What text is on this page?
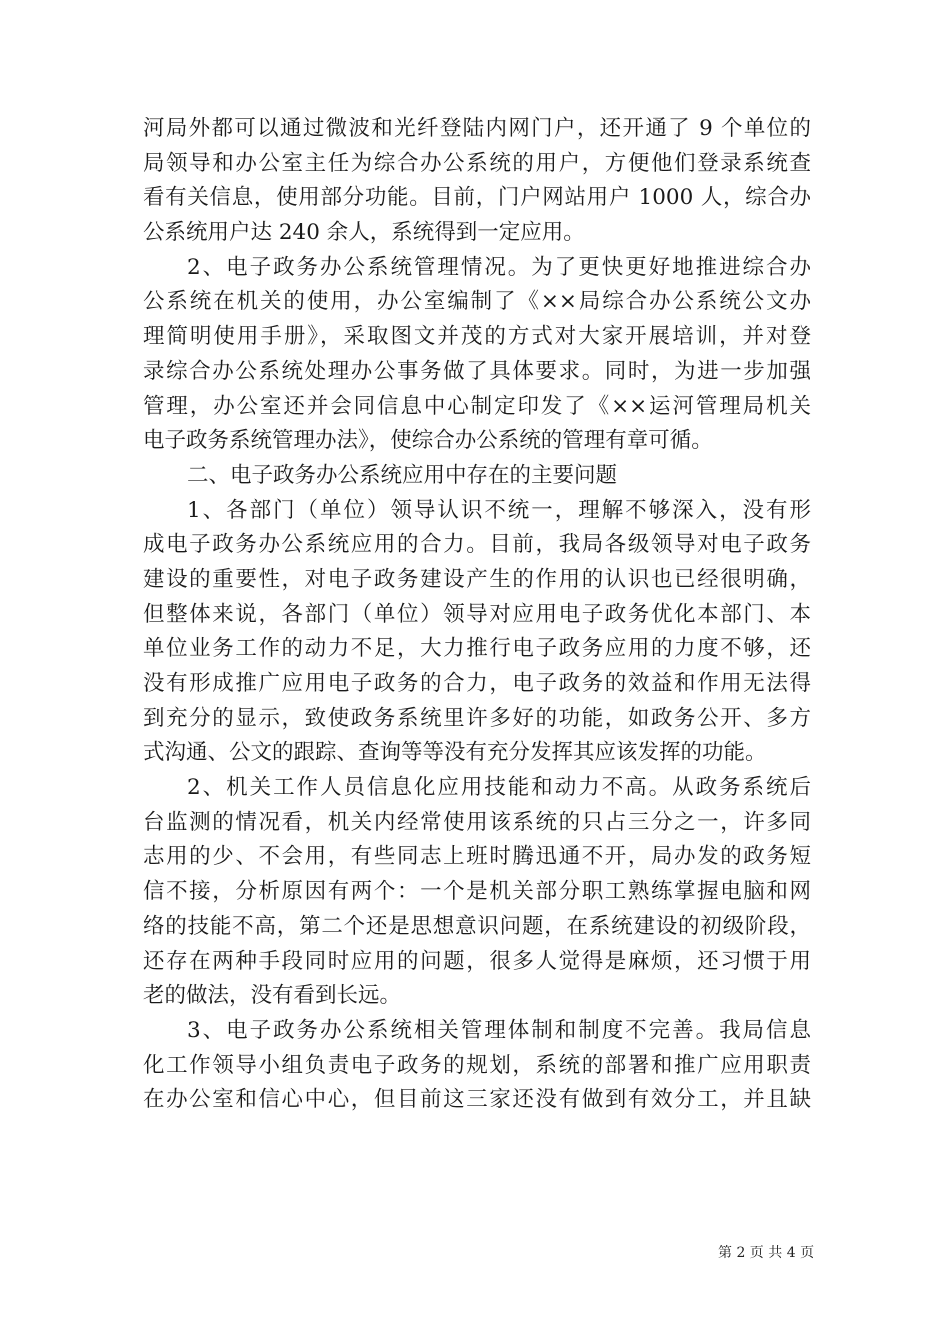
河局外都可以通过微波和光纤登陆内网门户，还开通了 9 个单位的
局领导和办公室主任为综合办公系统的用户，方便他们登录系统查
看有关信息，使用部分功能。目前，门户网站用户 1000 人，综合办
公系统用户达 240 余人，系统得到一定应用。
2、电子政务办公系统管理情况。为了更快更好地推进综合办
公系统在机关的使用，办公室编制了《××局综合办公系统公文办
理简明使用手册》，采取图文并茂的方式对大家开展培训，并对登
录综合办公系统处理办公事务做了具体要求。同时，为进一步加强
管理，办公室还并会同信息中心制定印发了《××运河管理局机关
电子政务系统管理办法》，使综合办公系统的管理有章可循。
二、电子政务办公系统应用中存在的主要问题
1、各部门（单位）领导认识不统一，理解不够深入，没有形
成电子政务办公系统应用的合力。目前，我局各级领导对电子政务
建设的重要性，对电子政务建设产生的作用的认识也已经很明确，
但整体来说，各部门（单位）领导对应用电子政务优化本部门、本
单位业务工作的动力不足，大力推行电子政务应用的力度不够，还
没有形成推广应用电子政务的合力，电子政务的效益和作用无法得
到充分的显示，致使政务系统里许多好的功能，如政务公开、多方
式沟通、公文的跟踪、查询等等没有充分发挥其应该发挥的功能。
2、机关工作人员信息化应用技能和动力不高。从政务系统后
台监测的情况看，机关内经常使用该系统的只占三分之一，许多同
志用的少、不会用，有些同志上班时腾迅通不开，局办发的政务短
信不接，分析原因有两个：一个是机关部分职工熟练掌握电脑和网
络的技能不高，第二个还是思想意识问题，在系统建设的初级阶段，
还存在两种手段同时应用的问题，很多人觉得是麻烦，还习惯于用
老的做法，没有看到长远。
3、电子政务办公系统相关管理体制和制度不完善。我局信息
化工作领导小组负责电子政务的规划，系统的部署和推广应用职责
在办公室和信心中心，但目前这三家还没有做到有效分工，并且缺
第 2 页 共 4 页
